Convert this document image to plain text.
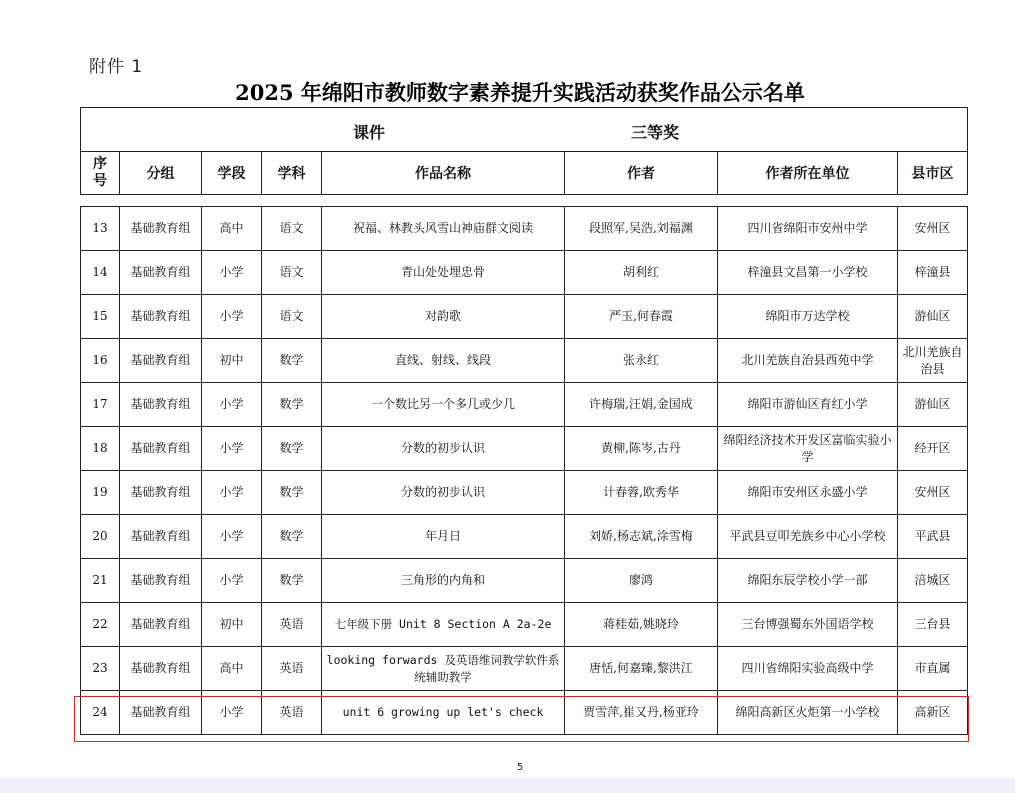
附件 1
2025 年绵阳市教师数字素养提升实践活动获奖作品公示名单
课件	三等奖

序
号	分组	学段	学科	作品名称	作者	作者所在单位	县市区
13	基础教育组	高中	语文	祝福、林教头风雪山神庙群文阅读	段照军,吴浩,刘福渊	四川省绵阳市安州中学	安州区
14	基础教育组	小学	语文	青山处处埋忠骨	胡利红	梓潼县文昌第一小学校	梓潼县
15	基础教育组	小学	语文	对韵歌	严玉,何春霞	绵阳市万达学校	游仙区
16	基础教育组	初中	数学	直线、射线、线段	张永红	北川羌族自治县西苑中学	北川羌族自治县
17	基础教育组	小学	数学	一个数比另一个多几或少几	许梅瑞,汪娟,金国成	绵阳市游仙区育红小学	游仙区
18	基础教育组	小学	数学	分数的初步认识	黄柳,陈岑,古丹	绵阳经济技术开发区富临实验小学	经开区
19	基础教育组	小学	数学	分数的初步认识	计春蓉,欧秀华	绵阳市安州区永盛小学	安州区
20	基础教育组	小学	数学	年月日	刘娇,杨志斌,涂雪梅	平武县豆叩羌族乡中心小学校	平武县
21	基础教育组	小学	数学	三角形的内角和	廖鸿	绵阳东辰学校小学一部	涪城区
22	基础教育组	初中	英语	七年级下册 Unit 8 Section A 2a-2e	蒋桂茹,姚晓玲	三台博强蜀东外国语学校	三台县
23	基础教育组	高中	英语	looking forwards 及英语维词教学软件系统辅助教学	唐恬,何嘉臻,黎洪江	四川省绵阳实验高级中学	市直属
24	基础教育组	小学	英语	unit 6 growing up let's check	贾雪萍,崔又丹,杨亚玲	绵阳高新区火炬第一小学校	高新区
5
